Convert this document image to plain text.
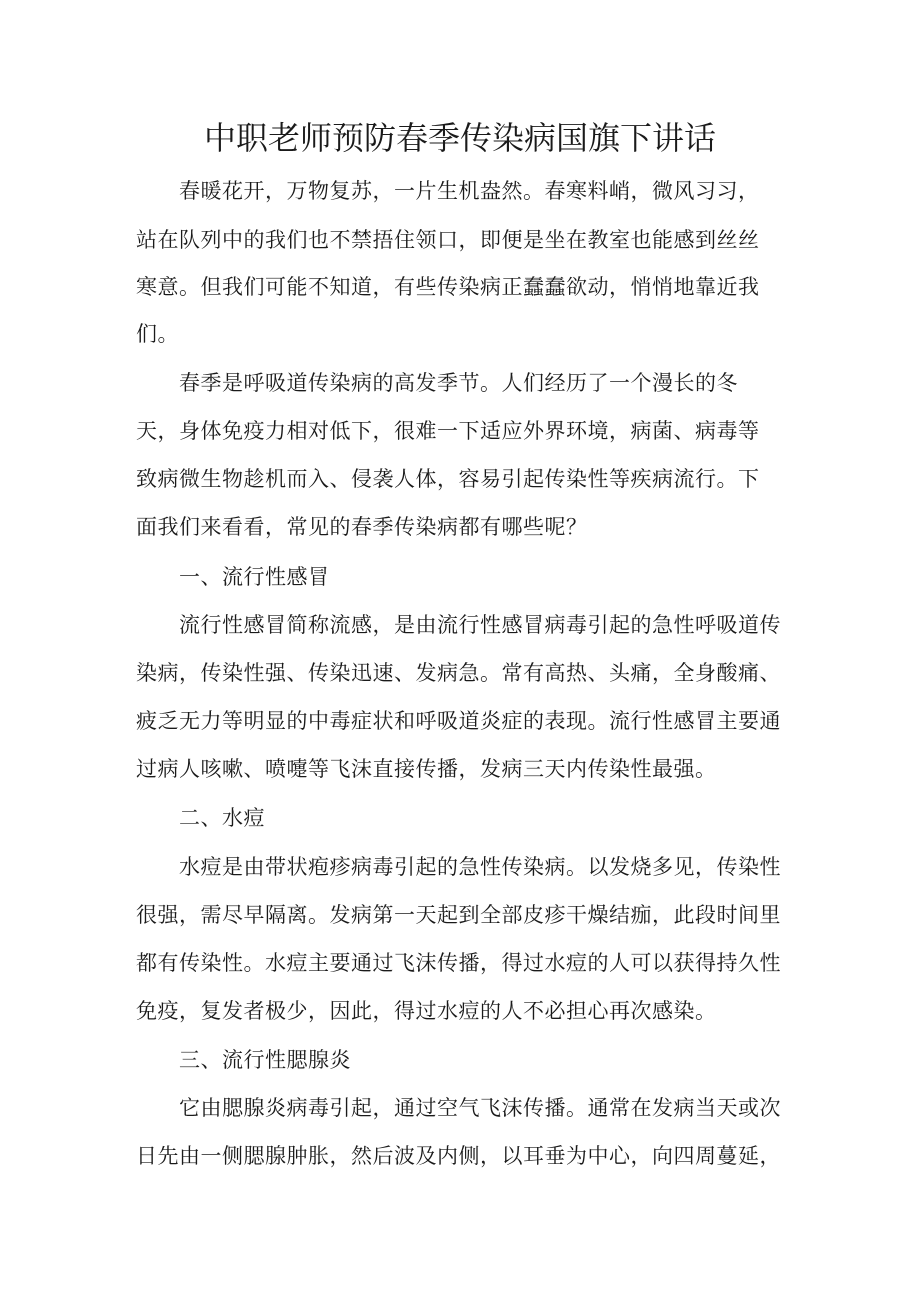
中职老师预防春季传染病国旗下讲话
春暖花开，万物复苏，一片生机盎然。春寒料峭，微风习习，
站在队列中的我们也不禁捂住领口，即便是坐在教室也能感到丝丝
寒意。但我们可能不知道，有些传染病正蠢蠢欲动，悄悄地靠近我
们。
春季是呼吸道传染病的高发季节。人们经历了一个漫长的冬
天，身体免疫力相对低下，很难一下适应外界环境，病菌、病毒等
致病微生物趁机而入、侵袭人体，容易引起传染性等疾病流行。下
面我们来看看，常见的春季传染病都有哪些呢？
一、流行性感冒
流行性感冒简称流感，是由流行性感冒病毒引起的急性呼吸道传
染病，传染性强、传染迅速、发病急。常有高热、头痛，全身酸痛、
疲乏无力等明显的中毒症状和呼吸道炎症的表现。流行性感冒主要通
过病人咳嗽、喷嚏等飞沫直接传播，发病三天内传染性最强。
二、水痘
水痘是由带状疱疹病毒引起的急性传染病。以发烧多见，传染性
很强，需尽早隔离。发病第一天起到全部皮疹干燥结痂，此段时间里
都有传染性。水痘主要通过飞沫传播，得过水痘的人可以获得持久性
免疫，复发者极少，因此，得过水痘的人不必担心再次感染。
三、流行性腮腺炎
它由腮腺炎病毒引起，通过空气飞沫传播。通常在发病当天或次
日先由一侧腮腺肿胀，然后波及内侧，以耳垂为中心，向四周蔓延，
